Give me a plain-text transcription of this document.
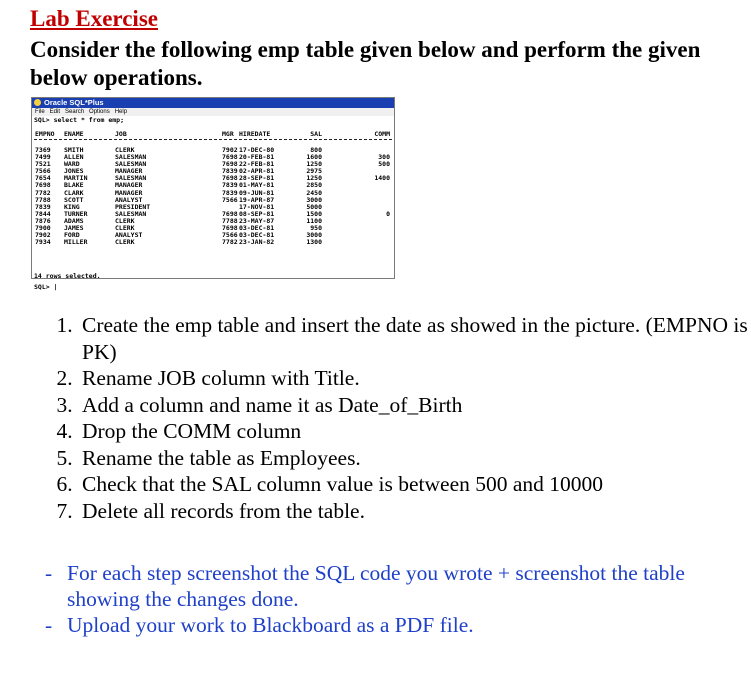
Lab Exercise

Consider the following emp table given below and perform the given below operations.

Oracle SQL*Plus
File Edit Search Options Help
SQL> select * from emp;
EMPNO ENAME	JOB	MGR HIREDATE	SAL	COMM
7369 SMITH	CLERK	7902 17-DEC-80	800
7499 ALLEN	SALESMAN	7698 20-FEB-81	1600	300
7521 WARD	SALESMAN	7698 22-FEB-81	1250	500
7566 JONES	MANAGER	7839 02-APR-81	2975
7654 MARTIN	SALESMAN	7698 28-SEP-81	1250	1400
7698 BLAKE	MANAGER	7839 01-MAY-81	2850
7782 CLARK	MANAGER	7839 09-JUN-81	2450
7788 SCOTT	ANALYST	7566 19-APR-87	3000
7839 KING	PRESIDENT	17-NOV-81	5000
7844 TURNER	SALESMAN	7698 08-SEP-81	1500	0
7876 ADAMS	CLERK	7788 23-MAY-87	1100
7900 JAMES	CLERK	7698 03-DEC-81	950
7902 FORD	ANALYST	7566 03-DEC-81	3000
7934 MILLER	CLERK	7782 23-JAN-82	1300
14 rows selected.
SQL> |
1. Create the emp table and insert the date as showed in the picture. (EMPNO is PK)
2. Rename JOB column with Title.
3. Add a column and name it as Date_of_Birth
4. Drop the COMM column
5. Rename the table as Employees.
6. Check that the SAL column value is between 500 and 10000
7. Delete all records from the table.
- For each step screenshot the SQL code you wrote + screenshot the table showing the changes done.
- Upload your work to Blackboard as a PDF file.
